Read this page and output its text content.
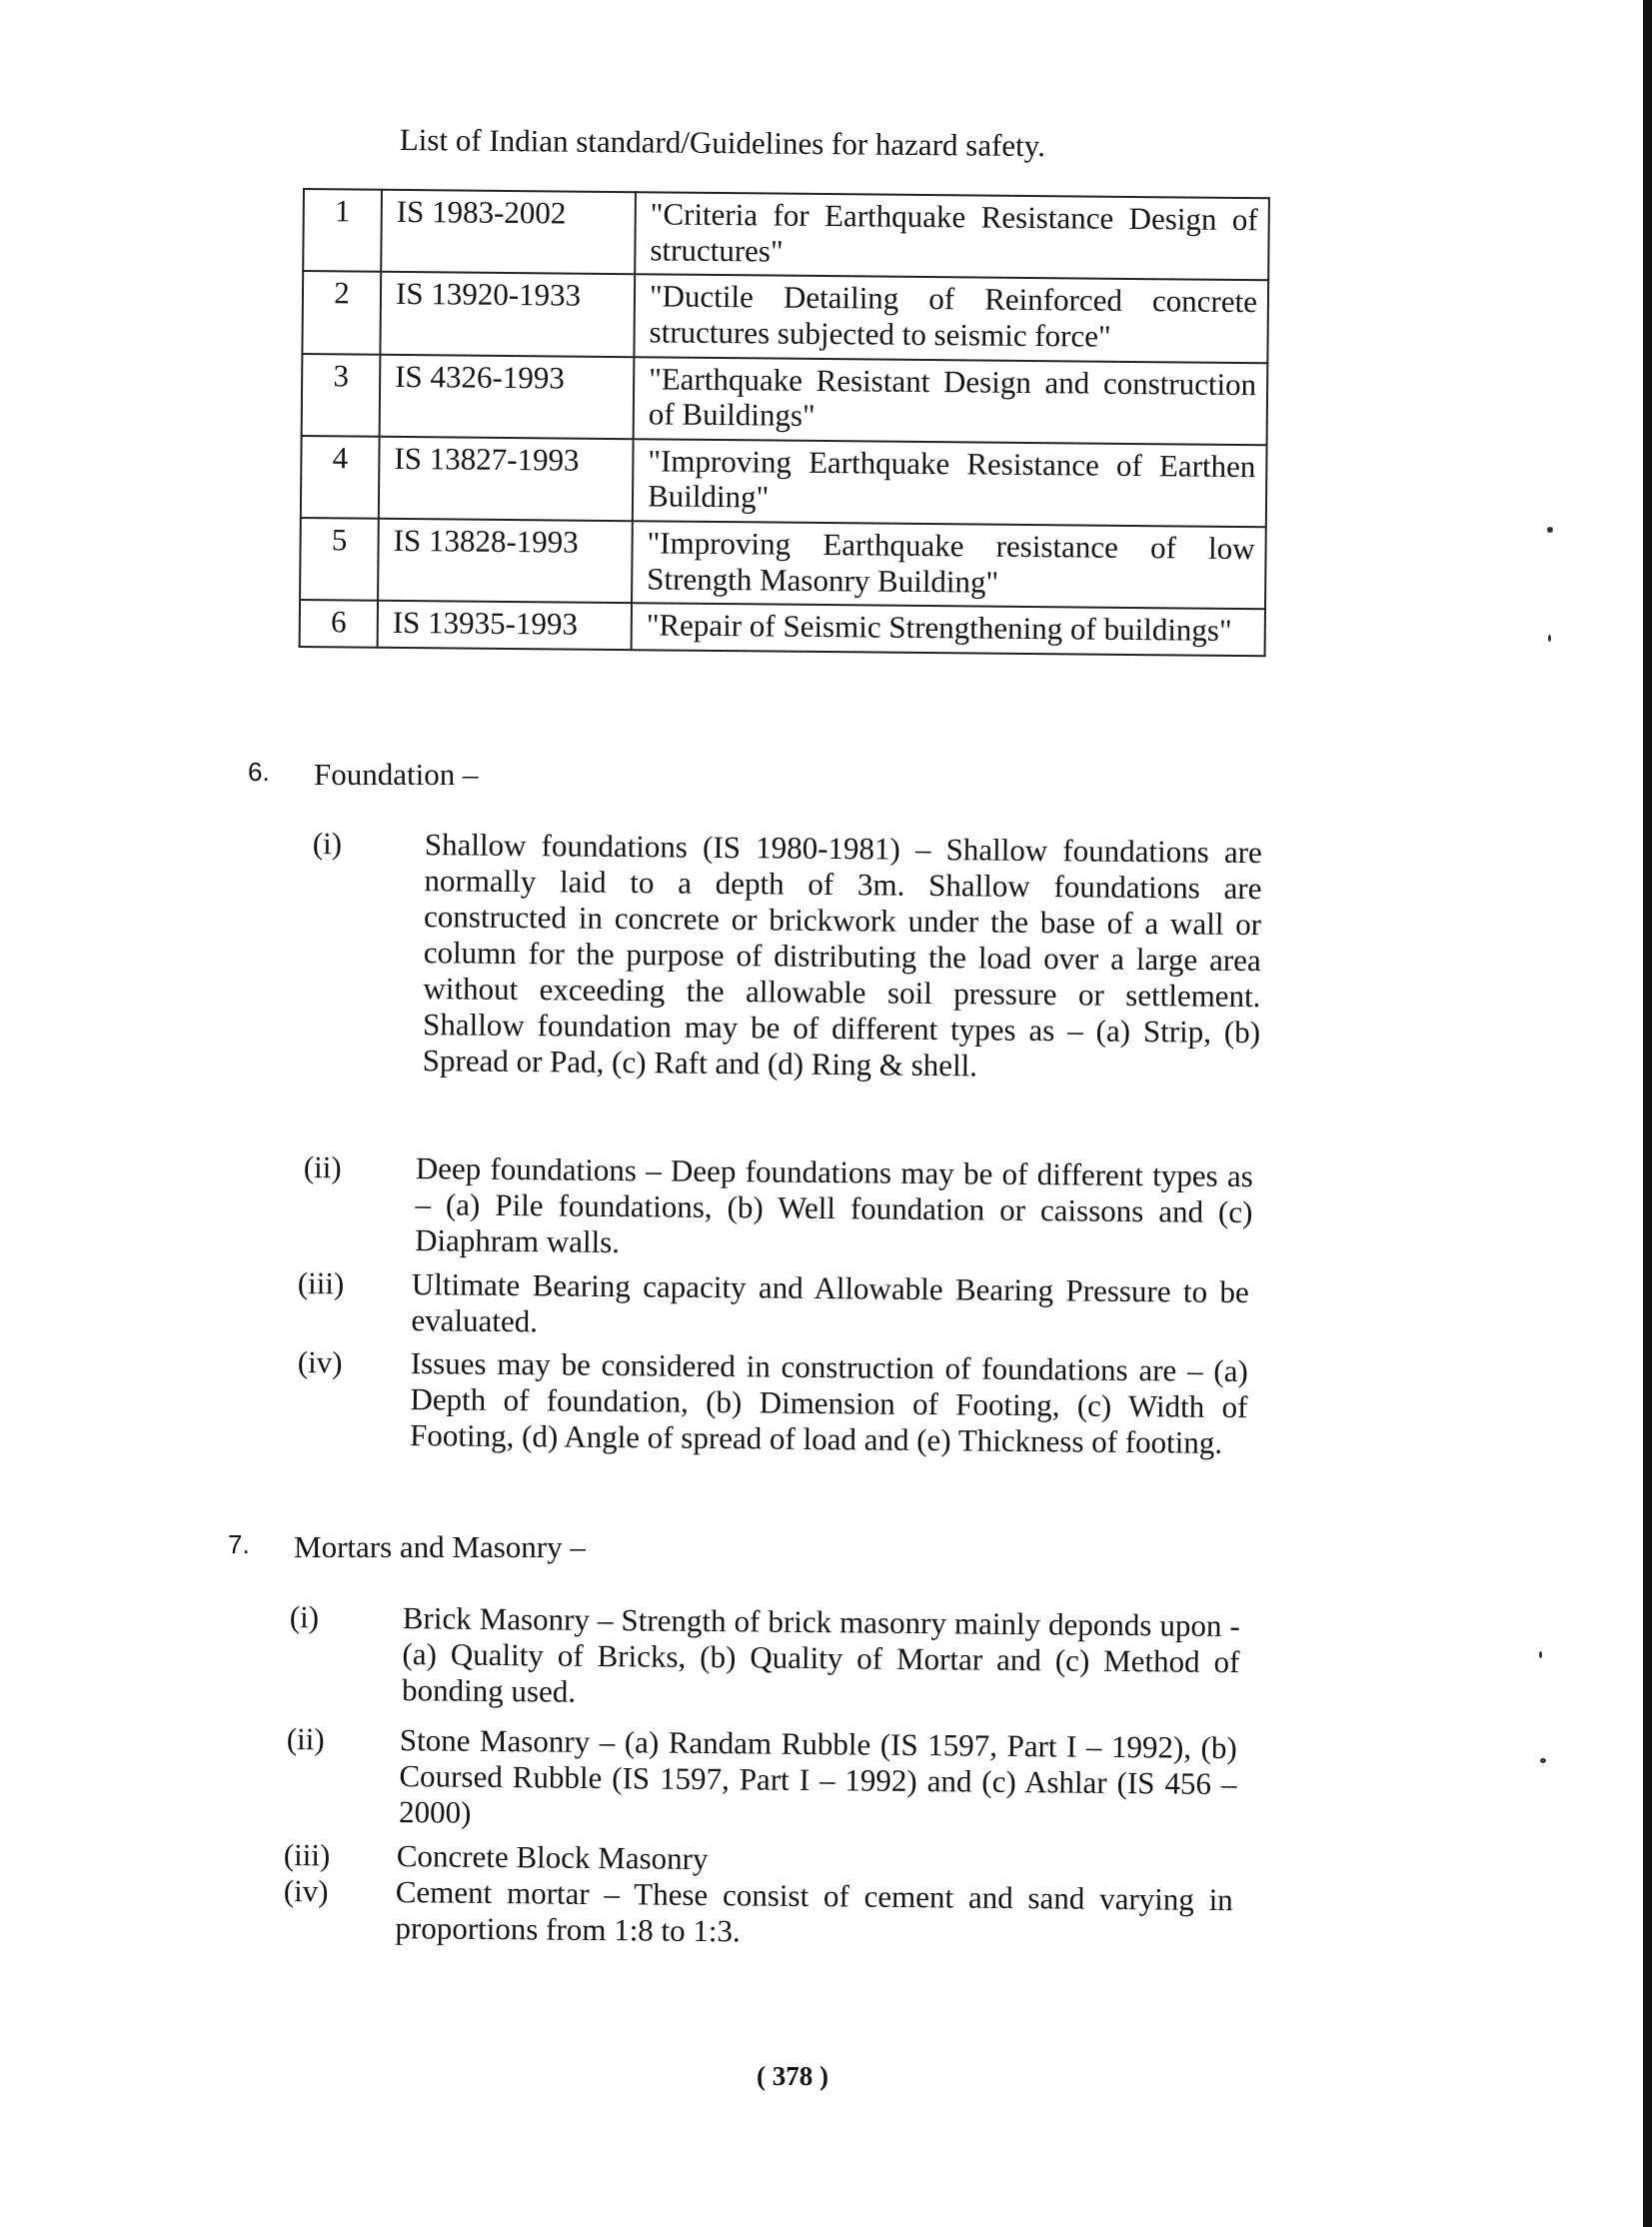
List of Indian standard/Guidelines for hazard safety.
1	IS 1983-2002	"Criteria for Earthquake Resistance Design of structures"
2	IS 13920-1933	"Ductile Detailing of Reinforced concrete structures subjected to seismic force"
3	IS 4326-1993	"Earthquake Resistant Design and construction of Buildings"
4	IS 13827-1993	"Improving Earthquake Resistance of Earthen Building"
5	IS 13828-1993	"Improving Earthquake resistance of low Strength Masonry Building"
6	IS 13935-1993	"Repair of Seismic Strengthening of buildings"
6. Foundation –
(i)	Shallow foundations (IS 1980-1981) – Shallow foundations are normally laid to a depth of 3m. Shallow foundations are constructed in concrete or brickwork under the base of a wall or column for the purpose of distributing the load over a large area without exceeding the allowable soil pressure or settlement. Shallow foundation may be of different types as – (a) Strip, (b) Spread or Pad, (c) Raft and (d) Ring & shell.
(ii) Deep foundations – Deep foundations may be of different types as – (a) Pile foundations, (b) Well foundation or caissons and (c) Diaphram walls.
(iii) Ultimate Bearing capacity and Allowable Bearing Pressure to be evaluated.
(iv) Issues may be considered in construction of foundations are – (a) Depth of foundation, (b) Dimension of Footing, (c) Width of Footing, (d) Angle of spread of load and (e) Thickness of footing.
7. Mortars and Masonry –
(i)	Brick Masonry – Strength of brick masonry mainly deponds upon - (a) Quality of Bricks, (b) Quality of Mortar and (c) Method of bonding used.
(ii) Stone Masonry – (a) Randam Rubble (IS 1597, Part I – 1992), (b) Coursed Rubble (IS 1597, Part I – 1992) and (c) Ashlar (IS 456 – 2000)
(iii) Concrete Block Masonry
(iv) Cement mortar – These consist of cement and sand varying in proportions from 1:8 to 1:3.
( 378 )
